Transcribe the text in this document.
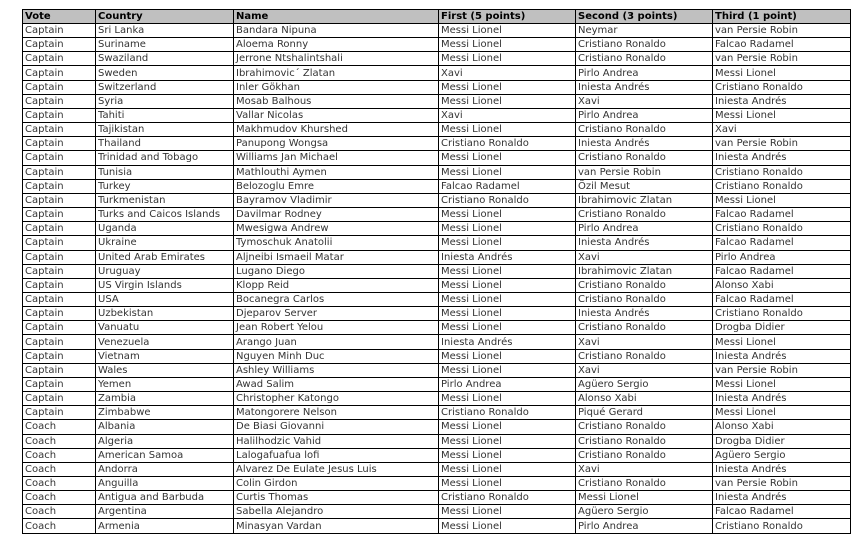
Vote	Country	Name	First (5 points)	Second (3 points)	Third (1 point)
Captain	Sri Lanka	Bandara Nipuna	Messi Lionel	Neymar	van Persie Robin
Captain	Suriname	Aloema Ronny	Messi Lionel	Cristiano Ronaldo	Falcao Radamel
Captain	Swaziland	Jerrone Ntshalintshali	Messi Lionel	Cristiano Ronaldo	van Persie Robin
Captain	Sweden	Ibrahimovic´ Zlatan	Xavi	Pirlo Andrea	Messi Lionel
Captain	Switzerland	Inler Gökhan	Messi Lionel	Iniesta Andrés	Cristiano Ronaldo
Captain	Syria	Mosab Balhous	Messi Lionel	Xavi	Iniesta Andrés
Captain	Tahiti	Vallar Nicolas	Xavi	Pirlo Andrea	Messi Lionel
Captain	Tajikistan	Makhmudov Khurshed	Messi Lionel	Cristiano Ronaldo	Xavi
Captain	Thailand	Panupong Wongsa	Cristiano Ronaldo	Iniesta Andrés	van Persie Robin
Captain	Trinidad and Tobago	Williams Jan Michael	Messi Lionel	Cristiano Ronaldo	Iniesta Andrés
Captain	Tunisia	Mathlouthi Aymen	Messi Lionel	van Persie Robin	Cristiano Ronaldo
Captain	Turkey	Belozoglu Emre	Falcao Radamel	Özil Mesut	Cristiano Ronaldo
Captain	Turkmenistan	Bayramov Vladimir	Cristiano Ronaldo	Ibrahimovic Zlatan	Messi Lionel
Captain	Turks and Caicos Islands	Davilmar Rodney	Messi Lionel	Cristiano Ronaldo	Falcao Radamel
Captain	Uganda	Mwesigwa Andrew	Messi Lionel	Pirlo Andrea	Cristiano Ronaldo
Captain	Ukraine	Tymoschuk Anatolii	Messi Lionel	Iniesta Andrés	Falcao Radamel
Captain	United Arab Emirates	Aljneibi Ismaeil Matar	Iniesta Andrés	Xavi	Pirlo Andrea
Captain	Uruguay	Lugano Diego	Messi Lionel	Ibrahimovic Zlatan	Falcao Radamel
Captain	US Virgin Islands	Klopp Reid	Messi Lionel	Cristiano Ronaldo	Alonso Xabi
Captain	USA	Bocanegra Carlos	Messi Lionel	Cristiano Ronaldo	Falcao Radamel
Captain	Uzbekistan	Djeparov Server	Messi Lionel	Iniesta Andrés	Cristiano Ronaldo
Captain	Vanuatu	Jean Robert Yelou	Messi Lionel	Cristiano Ronaldo	Drogba Didier
Captain	Venezuela	Arango Juan	Iniesta Andrés	Xavi	Messi Lionel
Captain	Vietnam	Nguyen Minh Duc	Messi Lionel	Cristiano Ronaldo	Iniesta Andrés
Captain	Wales	Ashley Williams	Messi Lionel	Xavi	van Persie Robin
Captain	Yemen	Awad Salim	Pirlo Andrea	Agüero Sergio	Messi Lionel
Captain	Zambia	Christopher Katongo	Messi Lionel	Alonso Xabi	Iniesta Andrés
Captain	Zimbabwe	Matongorere Nelson	Cristiano Ronaldo	Piqué Gerard	Messi Lionel
Coach	Albania	De Biasi Giovanni	Messi Lionel	Cristiano Ronaldo	Alonso Xabi
Coach	Algeria	Halilhodzic Vahid	Messi Lionel	Cristiano Ronaldo	Drogba Didier
Coach	American Samoa	Lalogafuafua lofi	Messi Lionel	Cristiano Ronaldo	Agüero Sergio
Coach	Andorra	Alvarez De Eulate Jesus Luis	Messi Lionel	Xavi	Iniesta Andrés
Coach	Anguilla	Colin Girdon	Messi Lionel	Cristiano Ronaldo	van Persie Robin
Coach	Antigua and Barbuda	Curtis Thomas	Cristiano Ronaldo	Messi Lionel	Iniesta Andrés
Coach	Argentina	Sabella Alejandro	Messi Lionel	Agüero Sergio	Falcao Radamel
Coach	Armenia	Minasyan Vardan	Messi Lionel	Pirlo Andrea	Cristiano Ronaldo
